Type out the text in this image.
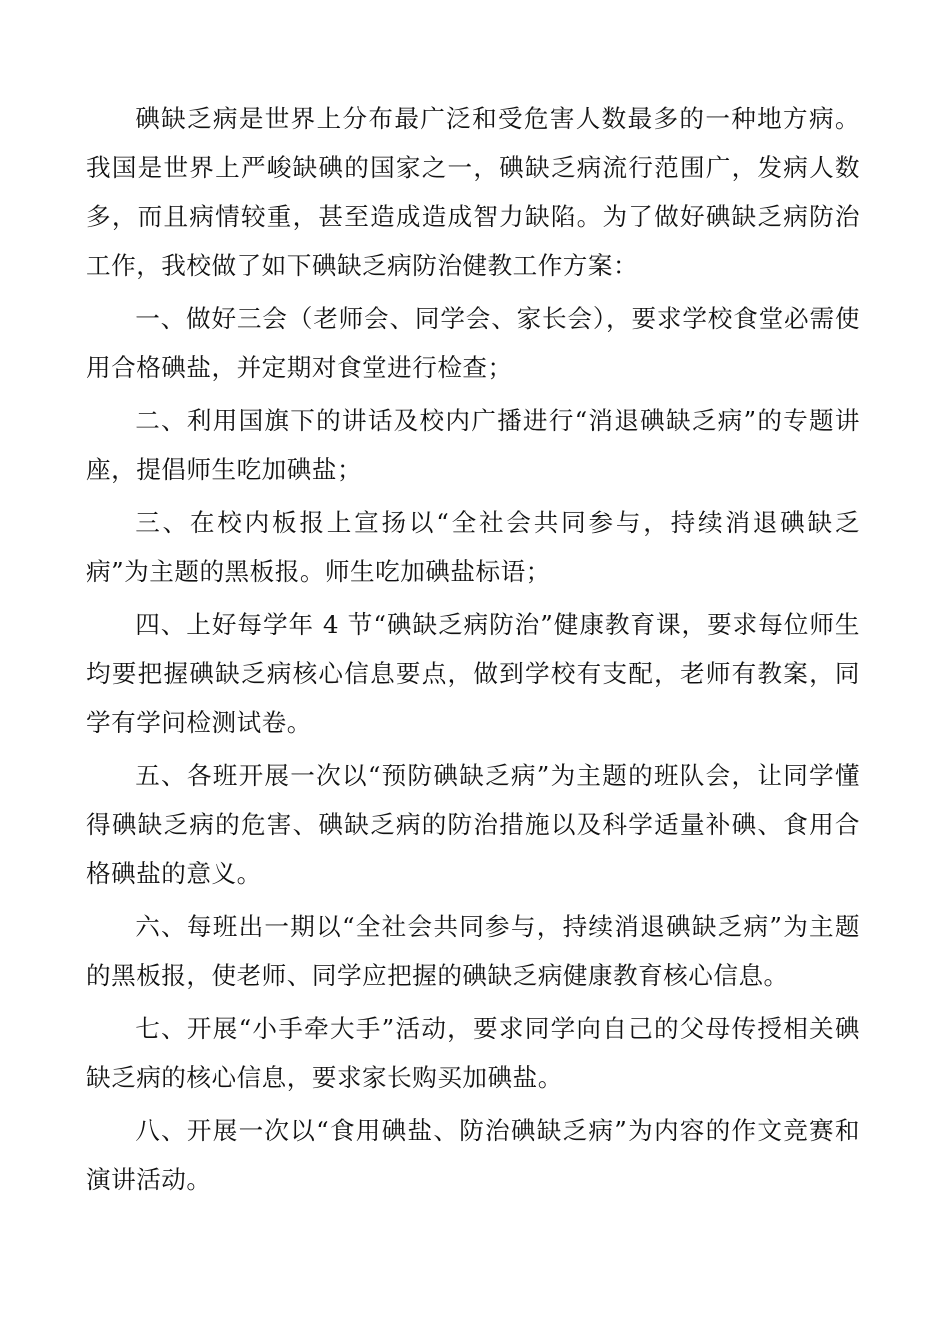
碘缺乏病是世界上分布最广泛和受危害人数最多的一种地方病。我国是世界上严峻缺碘的国家之一，碘缺乏病流行范围广，发病人数多，而且病情较重，甚至造成造成智力缺陷。为了做好碘缺乏病防治工作，我校做了如下碘缺乏病防治健教工作方案：

一、做好三会（老师会、同学会、家长会），要求学校食堂必需使用合格碘盐，并定期对食堂进行检查；

二、利用国旗下的讲话及校内广播进行“消退碘缺乏病”的专题讲座，提倡师生吃加碘盐；

三、在校内板报上宣扬以“全社会共同参与，持续消退碘缺乏病”为主题的黑板报。师生吃加碘盐标语；

四、上好每学年 4 节“碘缺乏病防治”健康教育课，要求每位师生均要把握碘缺乏病核心信息要点，做到学校有支配，老师有教案，同学有学问检测试卷。

五、各班开展一次以“预防碘缺乏病”为主题的班队会，让同学懂得碘缺乏病的危害、碘缺乏病的防治措施以及科学适量补碘、食用合格碘盐的意义。

六、每班出一期以“全社会共同参与，持续消退碘缺乏病”为主题的黑板报，使老师、同学应把握的碘缺乏病健康教育核心信息。

七、开展“小手牵大手”活动，要求同学向自己的父母传授相关碘缺乏病的核心信息，要求家长购买加碘盐。

八、开展一次以“食用碘盐、防治碘缺乏病”为内容的作文竞赛和演讲活动。
